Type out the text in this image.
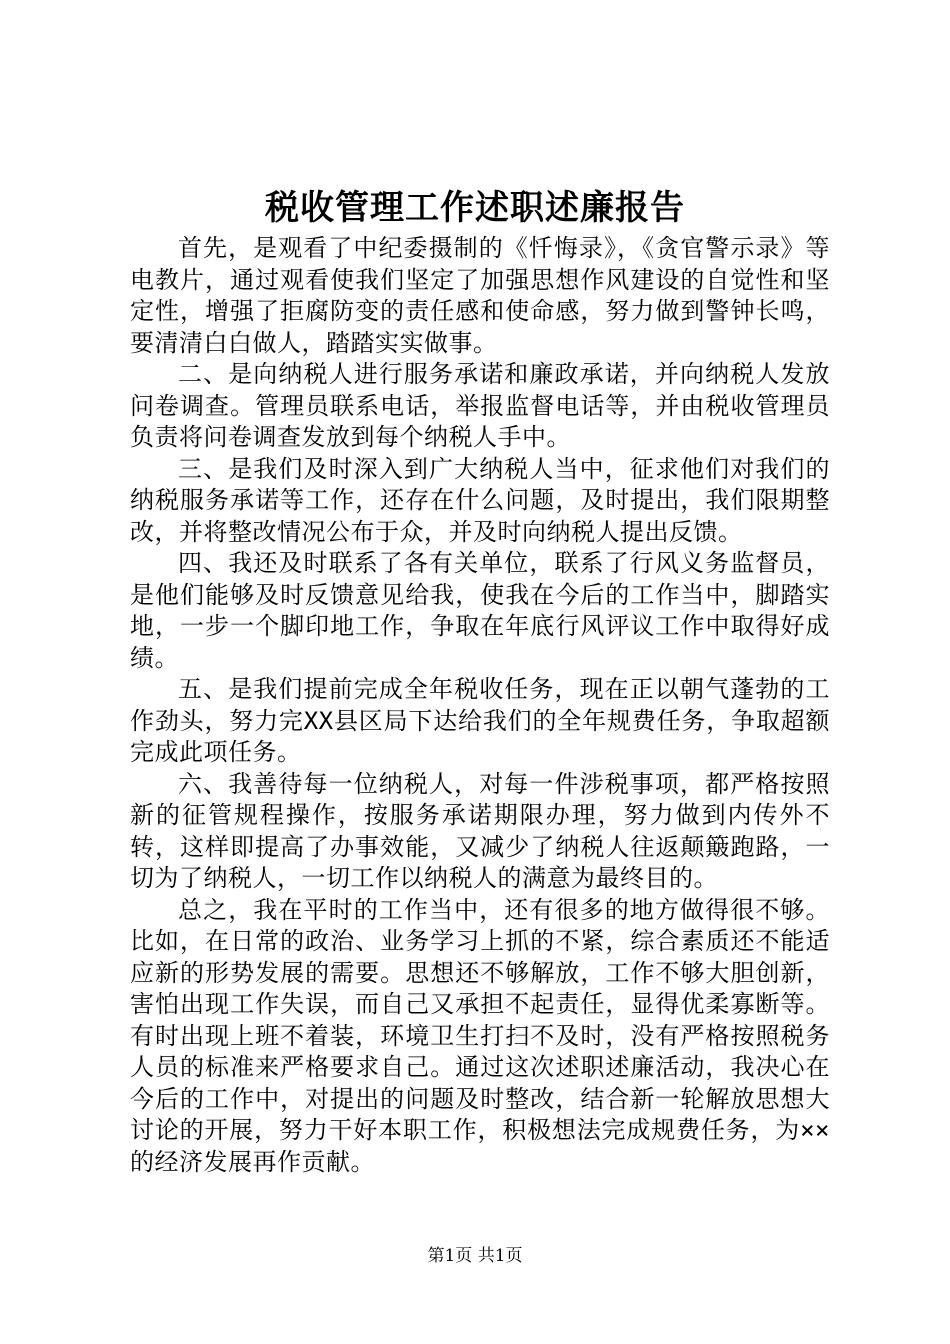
税收管理工作述职述廉报告

首先，是观看了中纪委摄制的《忏悔录》，《贪官警示录》等电教片，通过观看使我们坚定了加强思想作风建设的自觉性和坚定性，增强了拒腐防变的责任感和使命感，努力做到警钟长鸣，要清清白白做人，踏踏实实做事。

二、是向纳税人进行服务承诺和廉政承诺，并向纳税人发放问卷调查。管理员联系电话，举报监督电话等，并由税收管理员负责将问卷调查发放到每个纳税人手中。

三、是我们及时深入到广大纳税人当中，征求他们对我们的纳税服务承诺等工作，还存在什么问题，及时提出，我们限期整改，并将整改情况公布于众，并及时向纳税人提出反馈。

四、我还及时联系了各有关单位，联系了行风义务监督员，是他们能够及时反馈意见给我，使我在今后的工作当中，脚踏实地，一步一个脚印地工作，争取在年底行风评议工作中取得好成绩。

五、是我们提前完成全年税收任务，现在正以朝气蓬勃的工作劲头，努力完XX县区局下达给我们的全年规费任务，争取超额完成此项任务。

六、我善待每一位纳税人，对每一件涉税事项，都严格按照新的征管规程操作，按服务承诺期限办理，努力做到内传外不转，这样即提高了办事效能，又减少了纳税人往返颠簸跑路，一切为了纳税人，一切工作以纳税人的满意为最终目的。

总之，我在平时的工作当中，还有很多的地方做得很不够。比如，在日常的政治、业务学习上抓的不紧，综合素质还不能适应新的形势发展的需要。思想还不够解放，工作不够大胆创新，害怕出现工作失误，而自己又承担不起责任，显得优柔寡断等。有时出现上班不着装，环境卫生打扫不及时，没有严格按照税务人员的标准来严格要求自己。通过这次述职述廉活动，我决心在今后的工作中，对提出的问题及时整改，结合新一轮解放思想大讨论的开展，努力干好本职工作，积极想法完成规费任务，为××的经济发展再作贡献。

第1页 共1页
